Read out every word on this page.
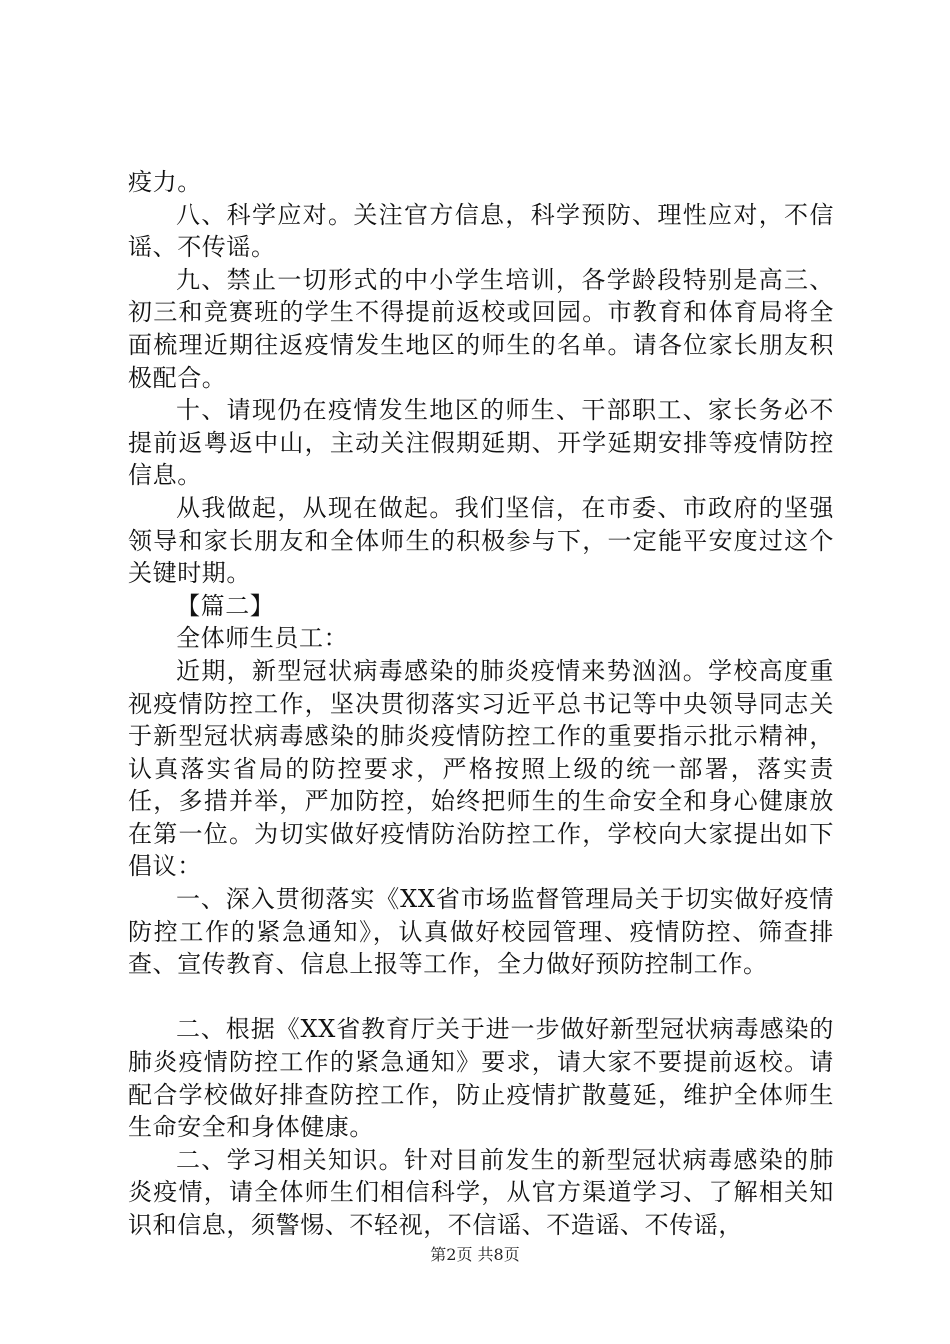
疫力。

八、科学应对。关注官方信息，科学预防、理性应对，不信谣、不传谣。

九、禁止一切形式的中小学生培训，各学龄段特别是高三、初三和竞赛班的学生不得提前返校或回园。市教育和体育局将全面梳理近期往返疫情发生地区的师生的名单。请各位家长朋友积极配合。

十、请现仍在疫情发生地区的师生、干部职工、家长务必不提前返粤返中山，主动关注假期延期、开学延期安排等疫情防控信息。

从我做起，从现在做起。我们坚信，在市委、市政府的坚强领导和家长朋友和全体师生的积极参与下，一定能平安度过这个关键时期。

【篇二】

全体师生员工：

近期，新型冠状病毒感染的肺炎疫情来势汹汹。学校高度重视疫情防控工作，坚决贯彻落实习近平总书记等中央领导同志关于新型冠状病毒感染的肺炎疫情防控工作的重要指示批示精神，认真落实省局的防控要求，严格按照上级的统一部署，落实责任，多措并举，严加防控，始终把师生的生命安全和身心健康放在第一位。为切实做好疫情防治防控工作，学校向大家提出如下倡议：

一、深入贯彻落实《XX省市场监督管理局关于切实做好疫情防控工作的紧急通知》，认真做好校园管理、疫情防控、筛查排查、宣传教育、信息上报等工作，全力做好预防控制工作。

二、根据《XX省教育厅关于进一步做好新型冠状病毒感染的肺炎疫情防控工作的紧急通知》要求，请大家不要提前返校。请配合学校做好排查防控工作，防止疫情扩散蔓延，维护全体师生生命安全和身体健康。

二、学习相关知识。针对目前发生的新型冠状病毒感染的肺炎疫情，请全体师生们相信科学，从官方渠道学习、了解相关知识和信息，须警惕、不轻视，不信谣、不造谣、不传谣，

第2页 共8页
